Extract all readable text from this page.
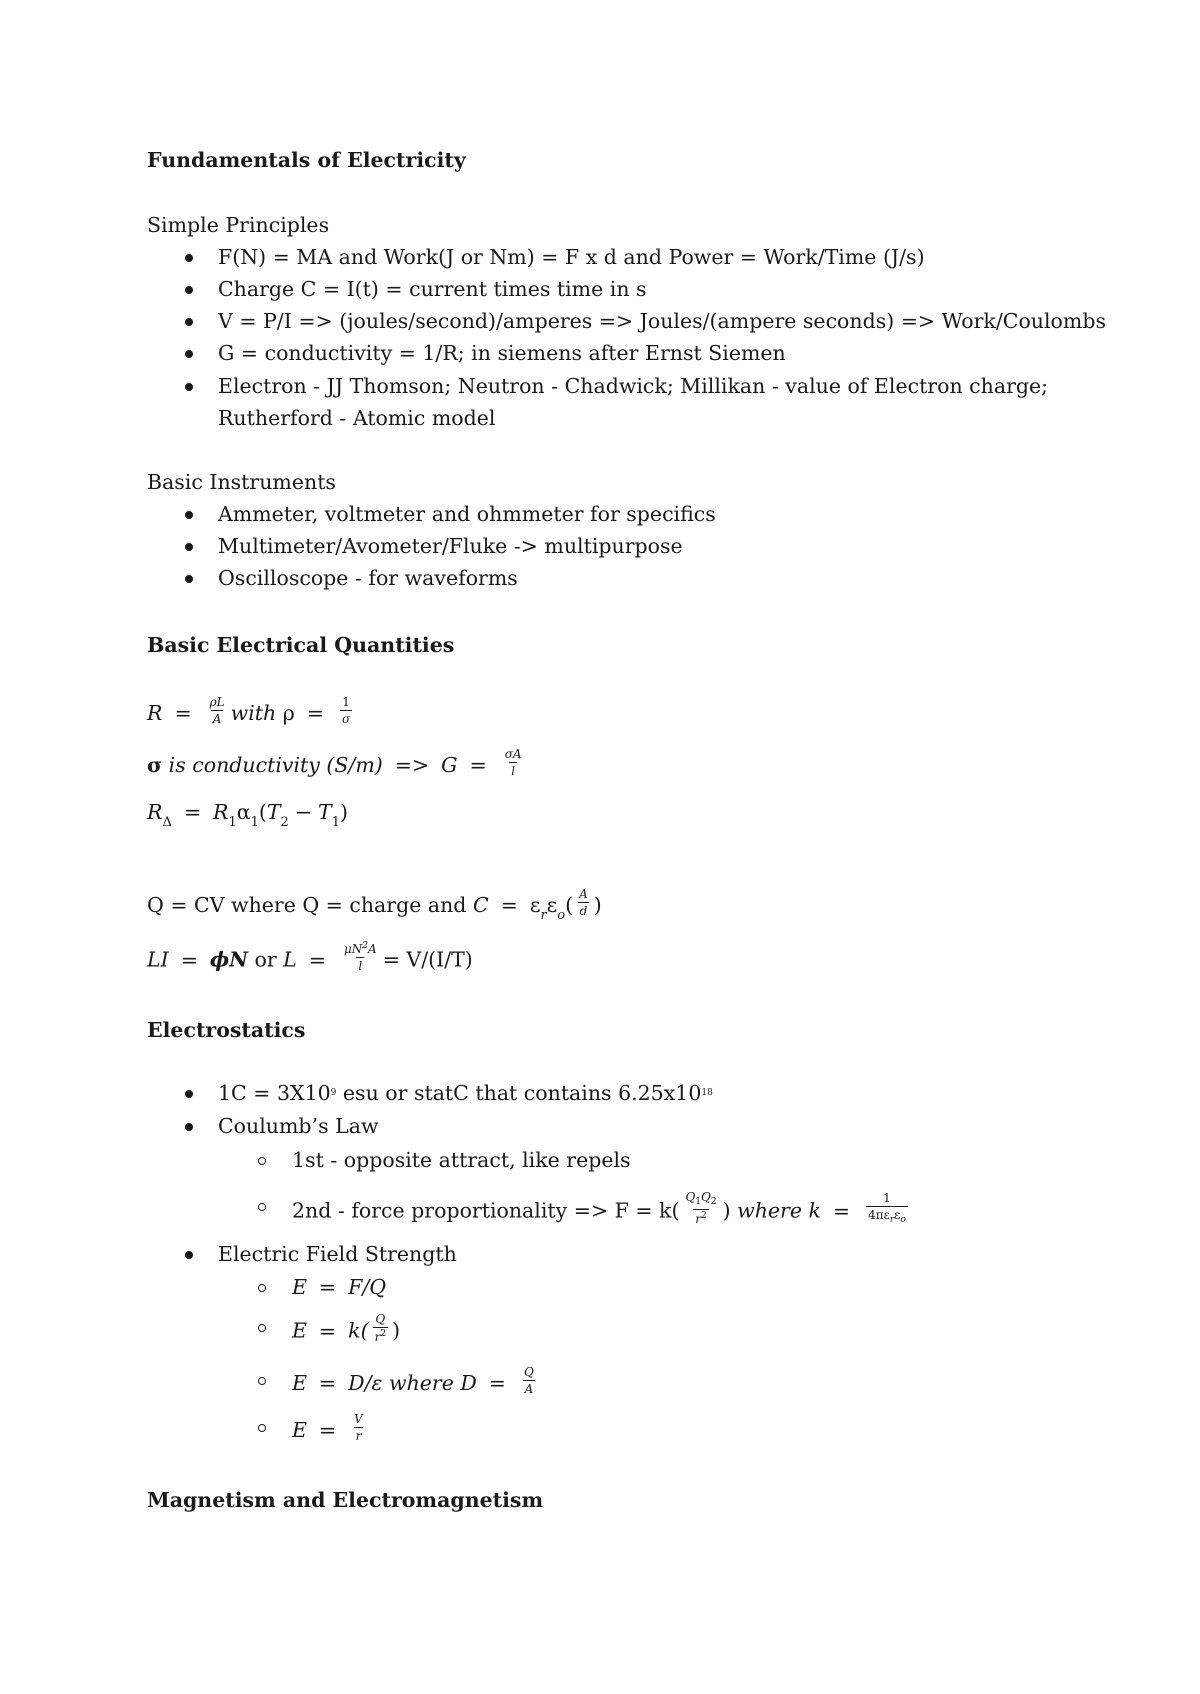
Fundamentals of Electricity
Simple Principles
F(N) = MA and Work(J or Nm) = F x d and Power = Work/Time (J/s)
Charge C = I(t) = current times time in s
V = P/I => (joules/second)/amperes => Joules/(ampere seconds) => Work/Coulombs
G = conductivity = 1/R; in siemens after Ernst Siemen
Electron - JJ Thomson; Neutron - Chadwick; Millikan - value of Electron charge;
Rutherford - Atomic model
Basic Instruments
Ammeter, voltmeter and ohmmeter for specifics
Multimeter/Avometer/Fluke -> multipurpose
Oscilloscope - for waveforms
Basic Electrical Quantities
$R = \frac{\rho L}{A}$ with $\rho = \frac{1}{\sigma}$
σ is conductivity $(S/m) => G = \frac{\sigma A}{l}$
$R_\Delta = R_1\alpha_1(T_2 - T_1)$
Q = CV where Q = charge and $C = \varepsilon_r\varepsilon_o( \frac{A}{d}$ )
LI = ϕN or $L = \frac{\mu N^2A}{l} = V/(I/T)$
Electrostatics
$1C = 3X10^9$ esu or statC that contains $6.25x10^{18}$
Coulumb’s Law
1st - opposite attract, like repels
2nd - force proportionality => $F = k( \frac{Q_1Q_2}{r^2}$ ) where $k = \frac{1}{4\pi\varepsilon_r\varepsilon_o}$
Electric Field Strength
E = F/Q
$E = k( \frac{Q}{r^2}$ )
E = D/ε where $D = \frac{Q}{A}$
$E = \frac{V}{r}$
Magnetism and Electromagnetism
